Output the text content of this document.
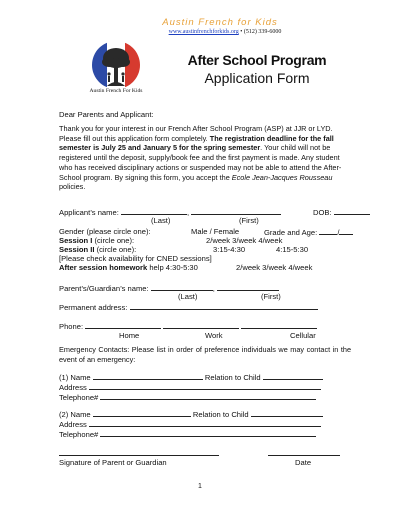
Austin French for Kids
www.austinfrenchforkids.org • (512) 339-6000
Austin French For Kids
After School Program
Application Form
Dear Parents and Applicant:
Thank you for your interest in our French After School Program (ASP) at JJR or LYD. Please fill out this application form completely. The registration deadline for the fall semester is July 25 and January 5 for the spring semester. Your child will not be registered until the deposit, supply/book fee and the first payment is made. Any student who has received disciplinary actions or suspended may not be able to attend the After-School program. By signing this form, you accept the Ecole Jean-Jacques Rousseau policies.
Applicant’s name:	,	DOB:
(Last)	(First)
Gender (please circle one):	Male / Female	Grade and Age:	/
Session I (circle one):	2/week 3/week 4/week
Session II (circle one):	3:15-4:30	4:15-5:30
[Please check availability for CNED sessions]
After session homework help 4:30-5:30	2/week 3/week 4/week
Parent’s/Guardian’s name:	,
(Last)	(First)
Permanent address:
Phone:
Home	Work	Cellular
Emergency Contacts: Please list in order of preference individuals we may contact in the event of an emergency:
(1) Name	Relation to Child
Address
Telephone#
(2) Name	Relation to Child
Address
Telephone#
Signature of Parent or Guardian	Date
1
